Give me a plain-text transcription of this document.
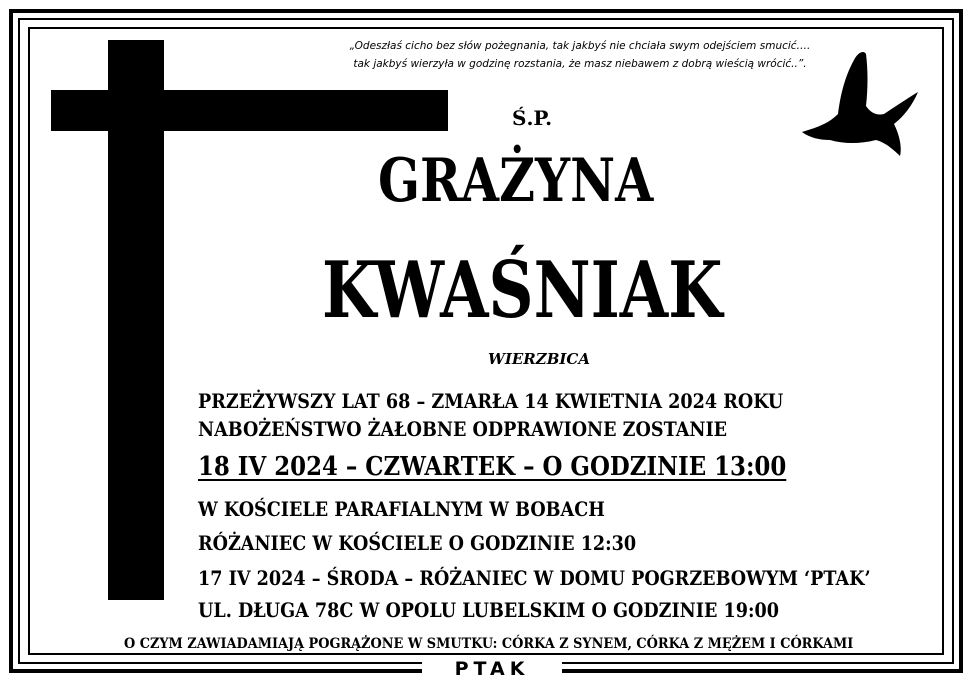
„Odeszłaś cicho bez słów pożegnania, tak jakbyś nie chciała swym odejściem smucić….
tak jakbyś wierzyła w godzinę rozstania, że masz niebawem z dobrą wieścią wrócić..”.
Ś.P.
GRAŻYNA
KWAŚNIAK
WIERZBICA
PRZEŻYWSZY LAT 68 – ZMARŁA 14 KWIETNIA 2024 ROKU
NABOŻEŃSTWO ŻAŁOBNE ODPRAWIONE ZOSTANIE
18 IV 2024 – CZWARTEK – O GODZINIE 13:00
W KOŚCIELE PARAFIALNYM W BOBACH
RÓŻANIEC W KOŚCIELE O GODZINIE 12:30
17 IV 2024 – ŚRODA – RÓŻANIEC W DOMU POGRZEBOWYM ‘PTAK’
UL. DŁUGA 78C W OPOLU LUBELSKIM O GODZINIE 19:00
O CZYM ZAWIADAMIAJĄ POGRĄŻONE W SMUTKU: CÓRKA Z SYNEM, CÓRKA Z MĘŻEM I CÓRKAMI
PTAK
